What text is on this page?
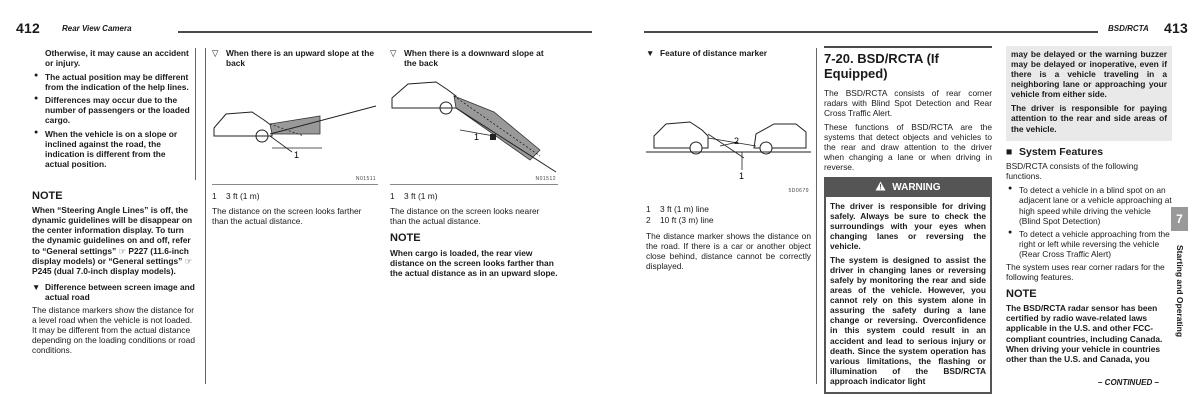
412	Rear View Camera

Otherwise, it may cause an accident or injury.

● The actual position may be different from the indication of the help lines.
● Differences may occur due to the number of passengers or the loaded cargo.
● When the vehicle is on a slope or inclined against the road, the indication is different from the actual position.
NOTE

When “Steering Angle Lines” is off, the dynamic guidelines will be disappear on the center information display. To turn the dynamic guidelines on and off, refer to “General settings” ☞ P227 (11.6-inch display models) or “General settings” ☞ P245 (dual 7.0-inch display models).

▼ Difference between screen image and actual road

The distance markers show the distance for a level road when the vehicle is not loaded. It may be different from the actual distance depending on the loading conditions or road conditions.

▽ When there is an upward slope at the back
1
N01511
1	3 ft (1 m)

The distance on the screen looks farther than the actual distance.

▽ When there is a downward slope at the back
1
N01512
1	3 ft (1 m)

The distance on the screen looks nearer than the actual distance.

NOTE

When cargo is loaded, the rear view distance on the screen looks farther than the actual distance as in an upward slope.

BSD/RCTA 413
▼ Feature of distance marker
2
1
5D0679
1	3 ft (1 m) line
2	10 ft (3 m) line

The distance marker shows the distance on the road. If there is a car or another object close behind, distance cannot be correctly displayed.

7-20. BSD/RCTA (If Equipped)

The BSD/RCTA consists of rear corner radars with Blind Spot Detection and Rear Cross Traffic Alert.

These functions of BSD/RCTA are the systems that detect objects and vehicles to the rear and draw attention to the driver when changing a lane or when driving in reverse.

WARNING

The driver is responsible for driving safely. Always be sure to check the surroundings with your eyes when changing lanes or reversing the vehicle.

The system is designed to assist the driver in changing lanes or reversing safely by monitoring the rear and side areas of the vehicle. However, you cannot rely on this system alone in assuring the safety during a lane change or reversing. Overconfidence in this system could result in an accident and lead to serious injury or death. Since the system operation has various limitations, the flashing or illumination of the BSD/RCTA approach indicator light

may be delayed or the warning buzzer may be delayed or inoperative, even if there is a vehicle traveling in a neighboring lane or approaching your vehicle from either side.

The driver is responsible for paying attention to the rear and side areas of the vehicle.

■ System Features

BSD/RCTA consists of the following functions.

● To detect a vehicle in a blind spot on an adjacent lane or a vehicle approaching at high speed while driving the vehicle (Blind Spot Detection)
● To detect a vehicle approaching from the right or left while reversing the vehicle (Rear Cross Traffic Alert)

The system uses rear corner radars for the following features.

NOTE

The BSD/RCTA radar sensor has been certified by radio wave-related laws applicable in the U.S. and other FCC-compliant countries, including Canada. When driving your vehicle in countries other than the U.S. and Canada, you

7
Starting and Operating
– CONTINUED –
